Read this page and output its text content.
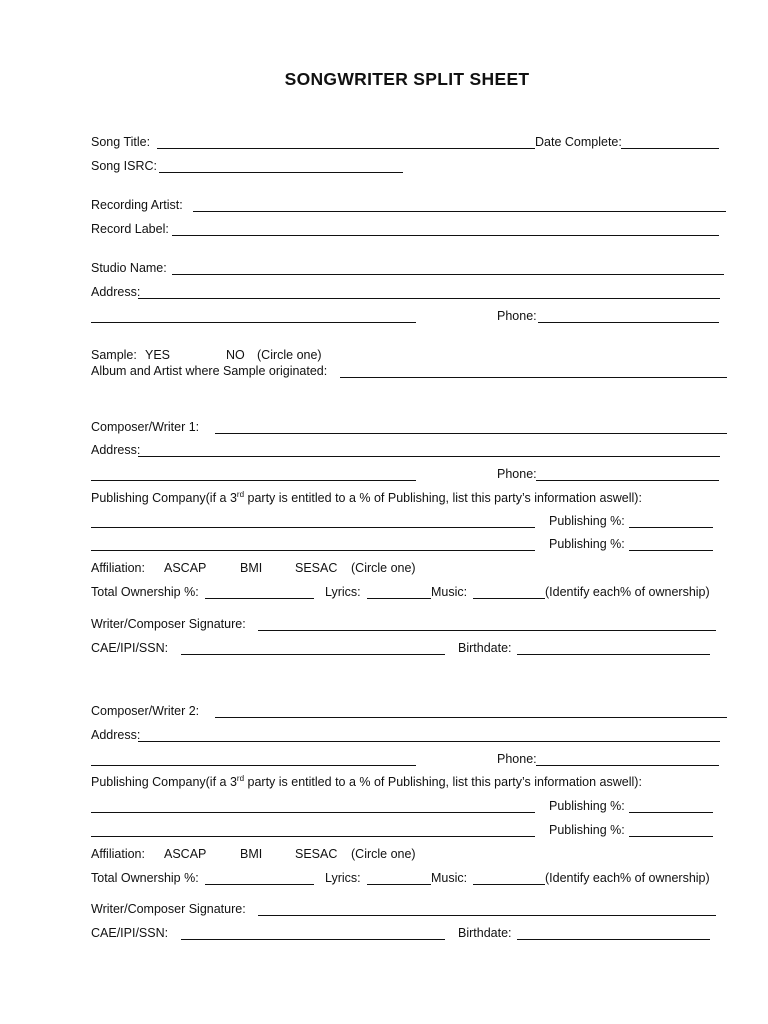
SONGWRITER SPLIT SHEET
Song Title:	Date Complete:
Song ISRC:
Recording Artist:
Record Label:
Studio Name:
Address:
Phone:
Sample: YES	NO (Circle one)
Album and Artist where Sample originated:
Composer/Writer 1:
Address:
Phone:
Publishing Company(if a 3rd party is entitled to a % of Publishing, list this party’s information aswell):
Publishing %:
Publishing %:
Affiliation: ASCAP	BMI	SESAC (Circle one)
Total Ownership %:	Lyrics:	Music:	(Identify each% of ownership)
Writer/Composer Signature:
CAE/IPI/SSN:	Birthdate:
Composer/Writer 2:
Address:
Phone:
Publishing Company(if a 3rd party is entitled to a % of Publishing, list this party’s information aswell):
Publishing %:
Publishing %:
Affiliation: ASCAP	BMI	SESAC (Circle one)
Total Ownership %:	Lyrics:	Music:	(Identify each% of ownership)
Writer/Composer Signature:
CAE/IPI/SSN:	Birthdate:
